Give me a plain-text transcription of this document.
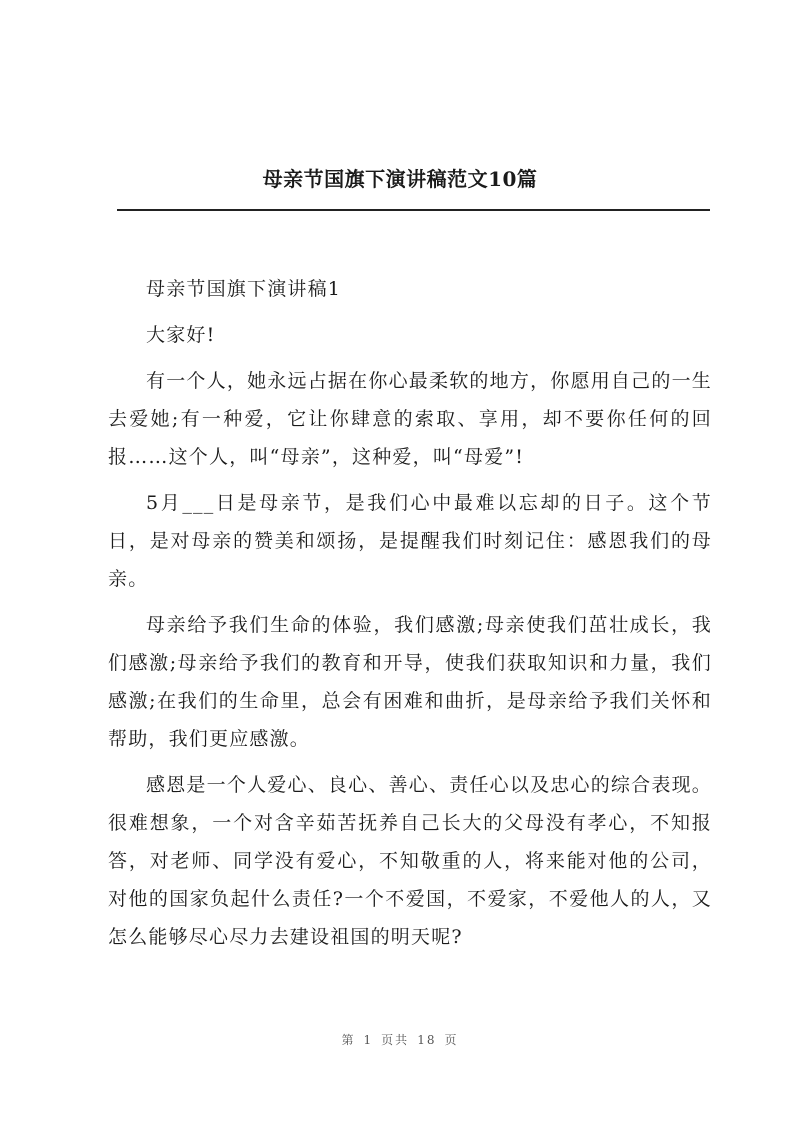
母亲节国旗下演讲稿范文10篇

母亲节国旗下演讲稿1

大家好!

有一个人，她永远占据在你心最柔软的地方，你愿用自己的一生去爱她;有一种爱，它让你肆意的索取、享用，却不要你任何的回报……这个人，叫“母亲”，这种爱，叫“母爱”!

5月___日是母亲节，是我们心中最难以忘却的日子。这个节日，是对母亲的赞美和颂扬，是提醒我们时刻记住：感恩我们的母亲。

母亲给予我们生命的体验，我们感激;母亲使我们茁壮成长，我们感激;母亲给予我们的教育和开导，使我们获取知识和力量，我们感激;在我们的生命里，总会有困难和曲折，是母亲给予我们关怀和帮助，我们更应感激。

感恩是一个人爱心、良心、善心、责任心以及忠心的综合表现。很难想象，一个对含辛茹苦抚养自己长大的父母没有孝心，不知报答，对老师、同学没有爱心，不知敬重的人，将来能对他的公司，对他的国家负起什么责任?一个不爱国，不爱家，不爱他人的人，又怎么能够尽心尽力去建设祖国的明天呢?

第 1 页共 18 页
